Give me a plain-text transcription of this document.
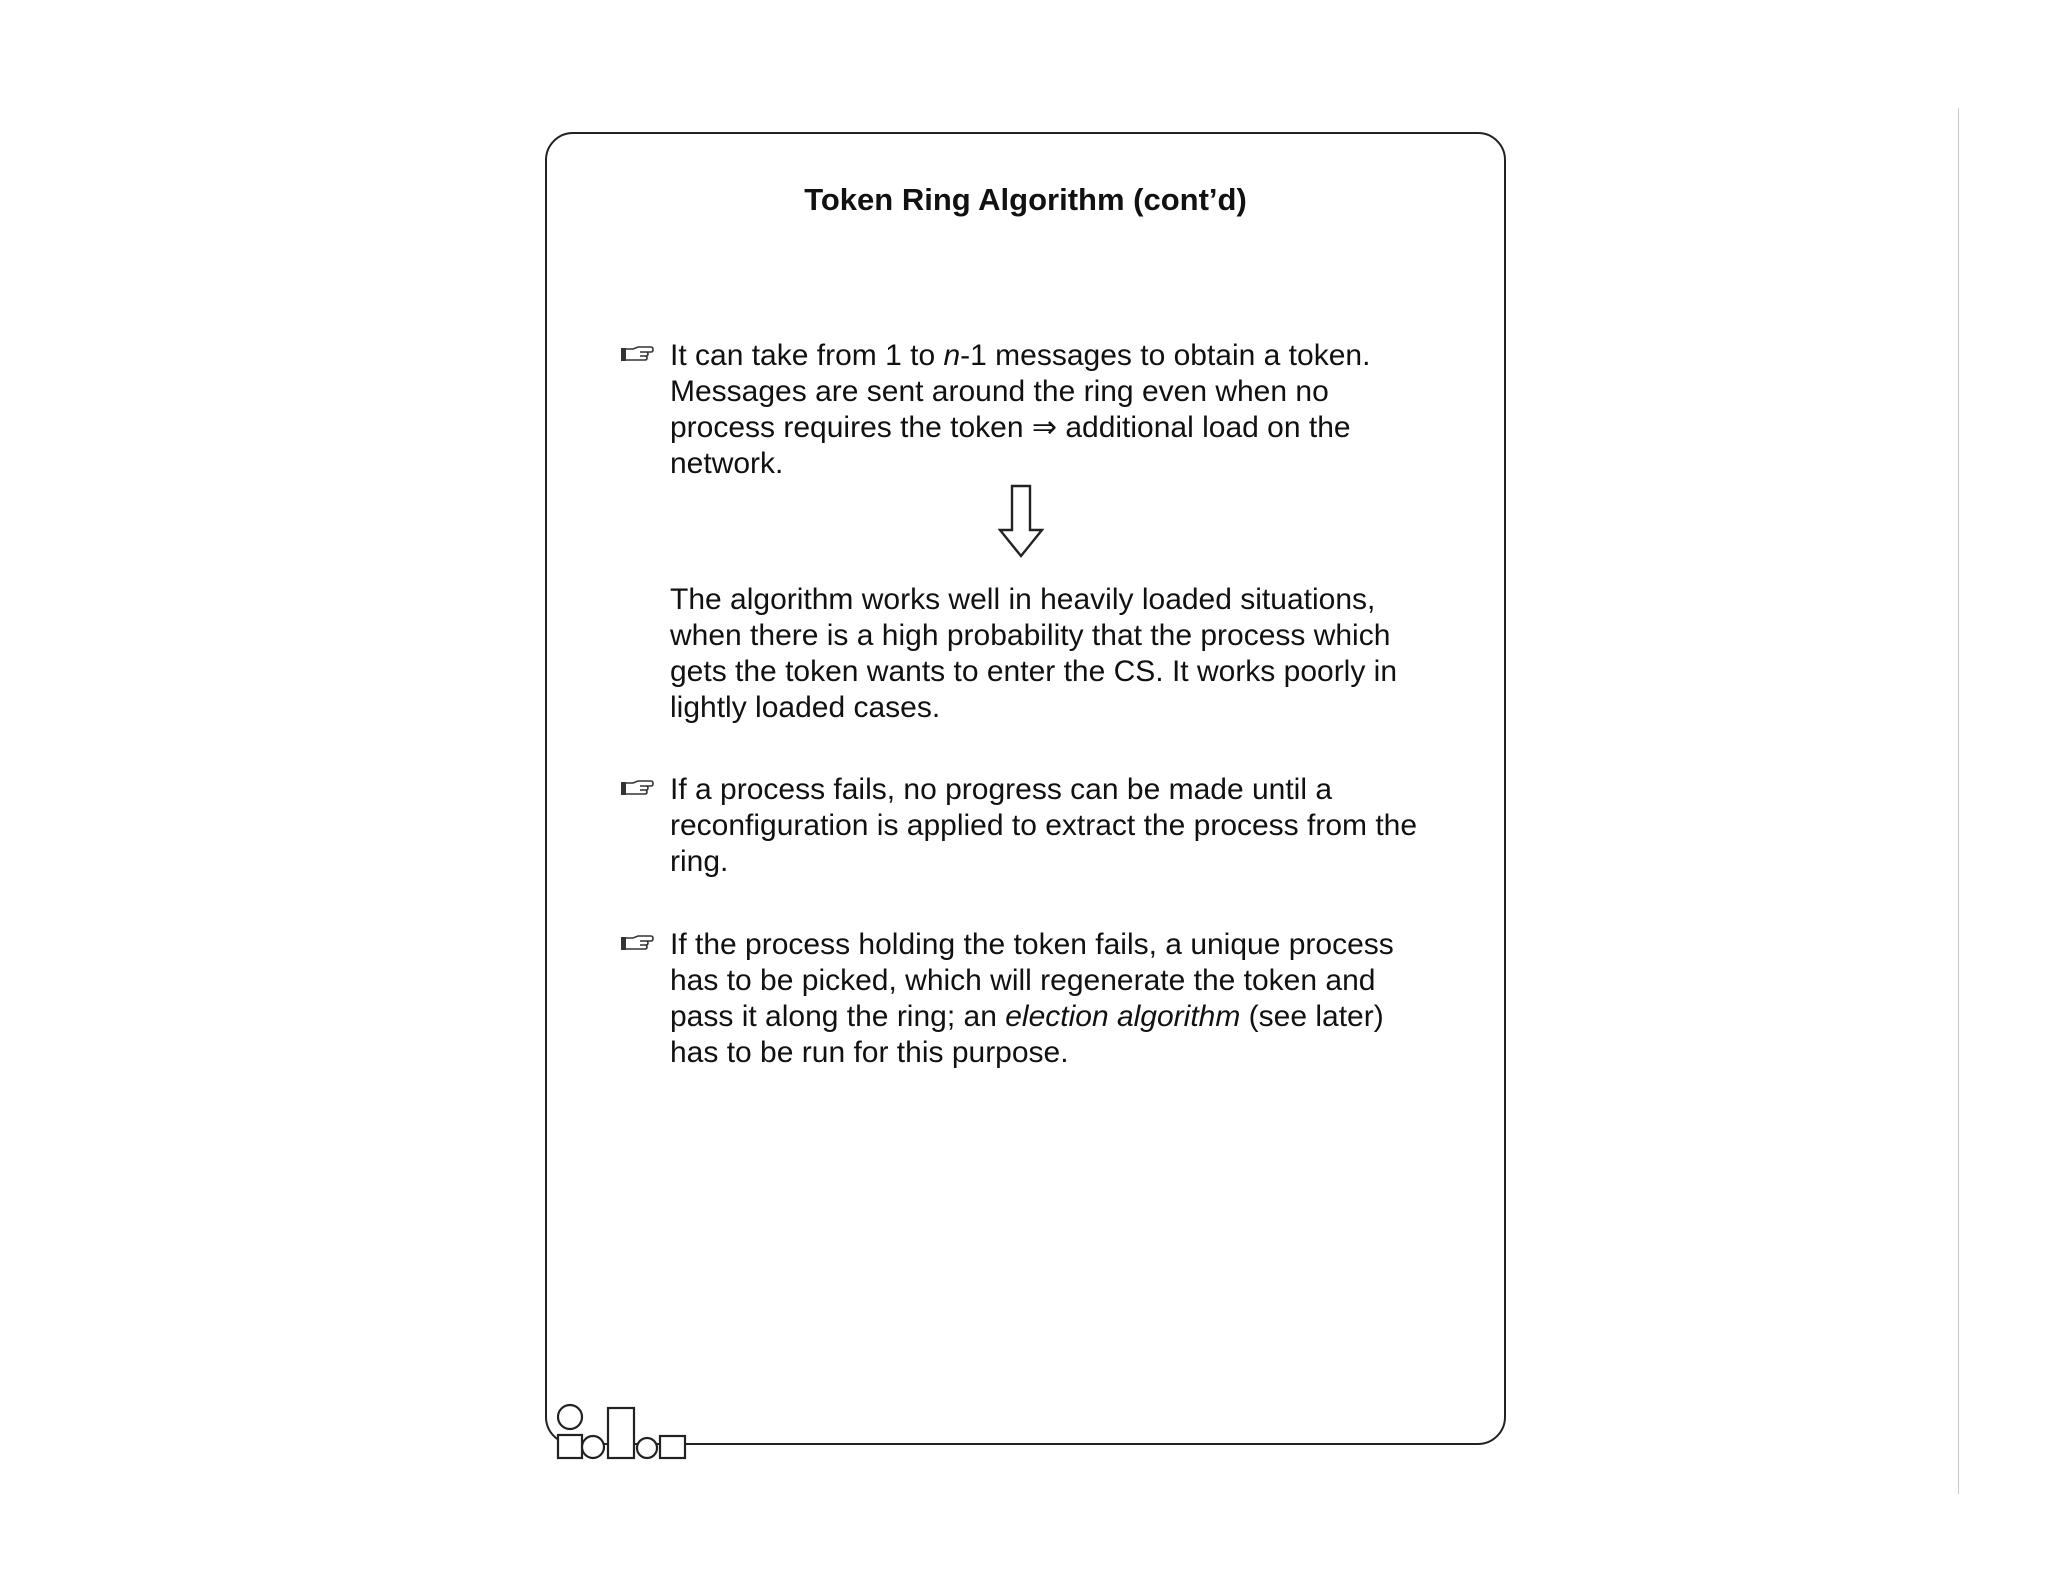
Token Ring Algorithm (cont’d)
It can take from 1 to n-1 messages to obtain a token. Messages are sent around the ring even when no process requires the token ⇒ additional load on the network.
The algorithm works well in heavily loaded situations, when there is a high probability that the process which gets the token wants to enter the CS. It works poorly in lightly loaded cases.
If a process fails, no progress can be made until a reconfiguration is applied to extract the process from the ring.
If the process holding the token fails, a unique process has to be picked, which will regenerate the token and pass it along the ring; an election algorithm (see later) has to be run for this purpose.
